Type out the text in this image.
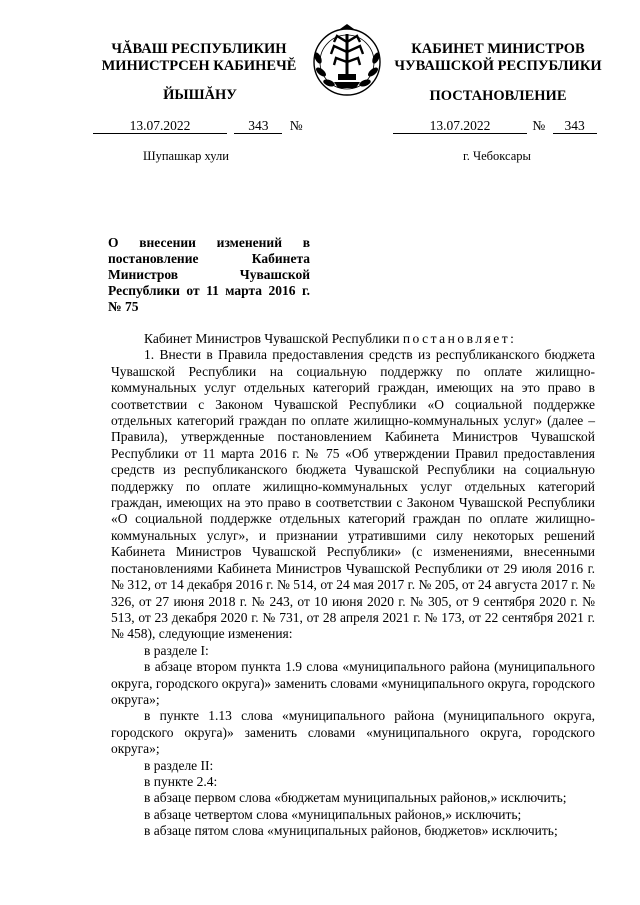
ЧĂВАШ РЕСПУБЛИКИН
МИНИСТРСЕН КАБИНЕЧĔ
КАБИНЕТ МИНИСТРОВ
ЧУВАШСКОЙ РЕСПУБЛИКИ
ЙЫШĂНУ	ПОСТАНОВЛЕНИЕ
13.07.2022	343 №	13.07.2022	№ 343
Шупашкар хули	г. Чебоксары
О внесении изменений в постановление Кабинета Министров Чувашской Республики от 11 марта 2016 г. № 75

Кабинет Министров Чувашской Республики постановляет:

1. Внести в Правила предоставления средств из республиканского бюджета Чувашской Республики на социальную поддержку по оплате жилищно-коммунальных услуг отдельных категорий граждан, имеющих на это право в соответствии с Законом Чувашской Республики «О социальной поддержке отдельных категорий граждан по оплате жилищно-коммунальных услуг» (далее – Правила), утвержденные постановлением Кабинета Министров Чувашской Республики от 11 марта 2016 г. № 75 «Об утверждении Правил предоставления средств из республиканского бюджета Чувашской Республики на социальную поддержку по оплате жилищно-коммунальных услуг отдельных категорий граждан, имеющих на это право в соответствии с Законом Чувашской Республики «О социальной поддержке отдельных категорий граждан по оплате жилищно-коммунальных услуг», и признании утратившими силу некоторых решений Кабинета Министров Чувашской Республики» (с изменениями, внесенными постановлениями Кабинета Министров Чувашской Республики от 29 июля 2016 г. № 312, от 14 декабря 2016 г. № 514, от 24 мая 2017 г. № 205, от 24 августа 2017 г. № 326, от 27 июня 2018 г. № 243, от 10 июня 2020 г. № 305, от 9 сентября 2020 г. № 513, от 23 декабря 2020 г. № 731, от 28 апреля 2021 г. № 173, от 22 сентября 2021 г. № 458), следующие изменения:

в разделе I:

в абзаце втором пункта 1.9 слова «муниципального района (муниципального округа, городского округа)» заменить словами «муниципального округа, городского округа»;

в пункте 1.13 слова «муниципального района (муниципального округа, городского округа)» заменить словами «муниципального округа, городского округа»;

в разделе II:

в пункте 2.4:

в абзаце первом слова «бюджетам муниципальных районов,» исключить;

в абзаце четвертом слова «муниципальных районов,» исключить;

в абзаце пятом слова «муниципальных районов, бюджетов» исключить;
